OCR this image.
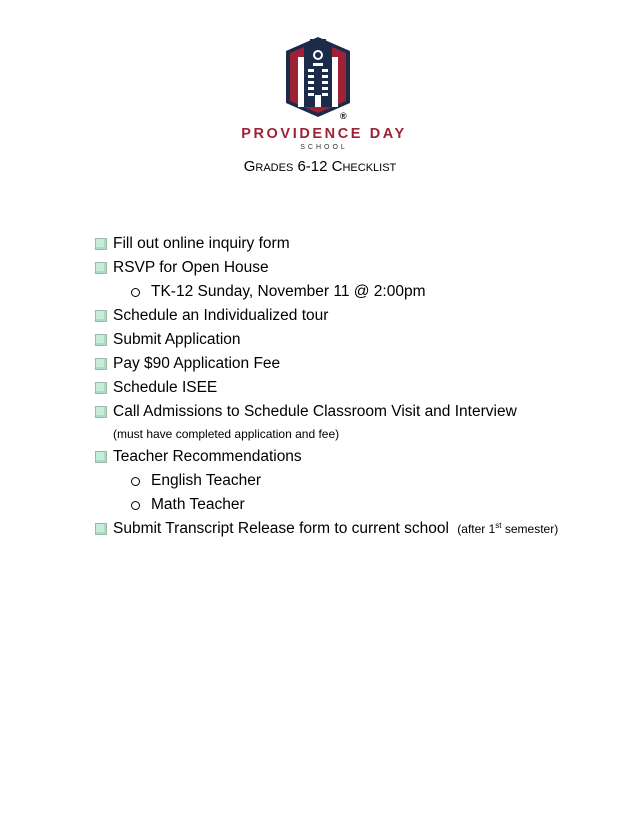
®
PROVIDENCE DAY
SCHOOL
Grades 6-12 Checklist
Fill out online inquiry form
RSVP for Open House
TK-12 Sunday, November 11 @ 2:00pm
Schedule an Individualized tour
Submit Application
Pay $90 Application Fee
Schedule ISEE
Call Admissions to Schedule Classroom Visit and Interview
(must have completed application and fee)
Teacher Recommendations
English Teacher
Math Teacher
Submit Transcript Release form to current school (after 1st semester)
